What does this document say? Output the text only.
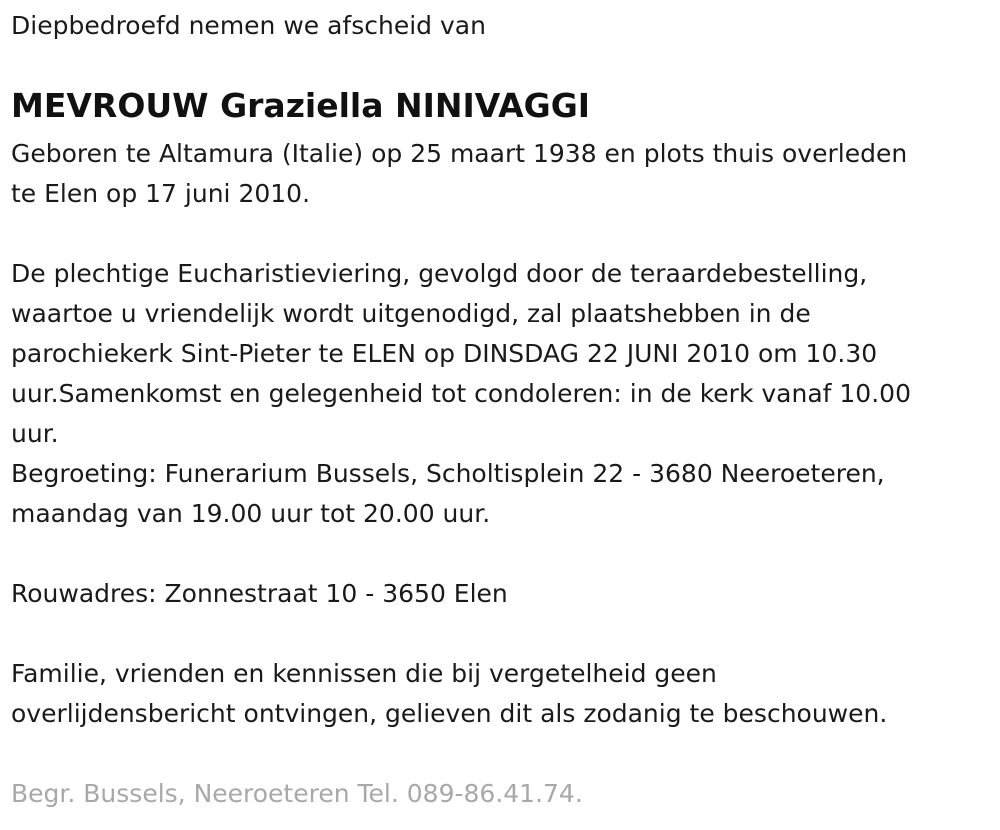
Diepbedroefd nemen we afscheid van

MEVROUW Graziella NINIVAGGI

Geboren te Altamura (Italie) op 25 maart 1938 en plots thuis overleden

te Elen op 17 juni 2010.

De plechtige Eucharistieviering, gevolgd door de teraardebestelling,

waartoe u vriendelijk wordt uitgenodigd, zal plaatshebben in de

parochiekerk Sint-Pieter te ELEN op DINSDAG 22 JUNI 2010 om 10.30

uur.Samenkomst en gelegenheid tot condoleren: in de kerk vanaf 10.00

uur.

Begroeting: Funerarium Bussels, Scholtisplein 22 - 3680 Neeroeteren,

maandag van 19.00 uur tot 20.00 uur.

Rouwadres: Zonnestraat 10 - 3650 Elen

Familie, vrienden en kennissen die bij vergetelheid geen

overlijdensbericht ontvingen, gelieven dit als zodanig te beschouwen.

Begr. Bussels, Neeroeteren Tel. 089-86.41.74.
